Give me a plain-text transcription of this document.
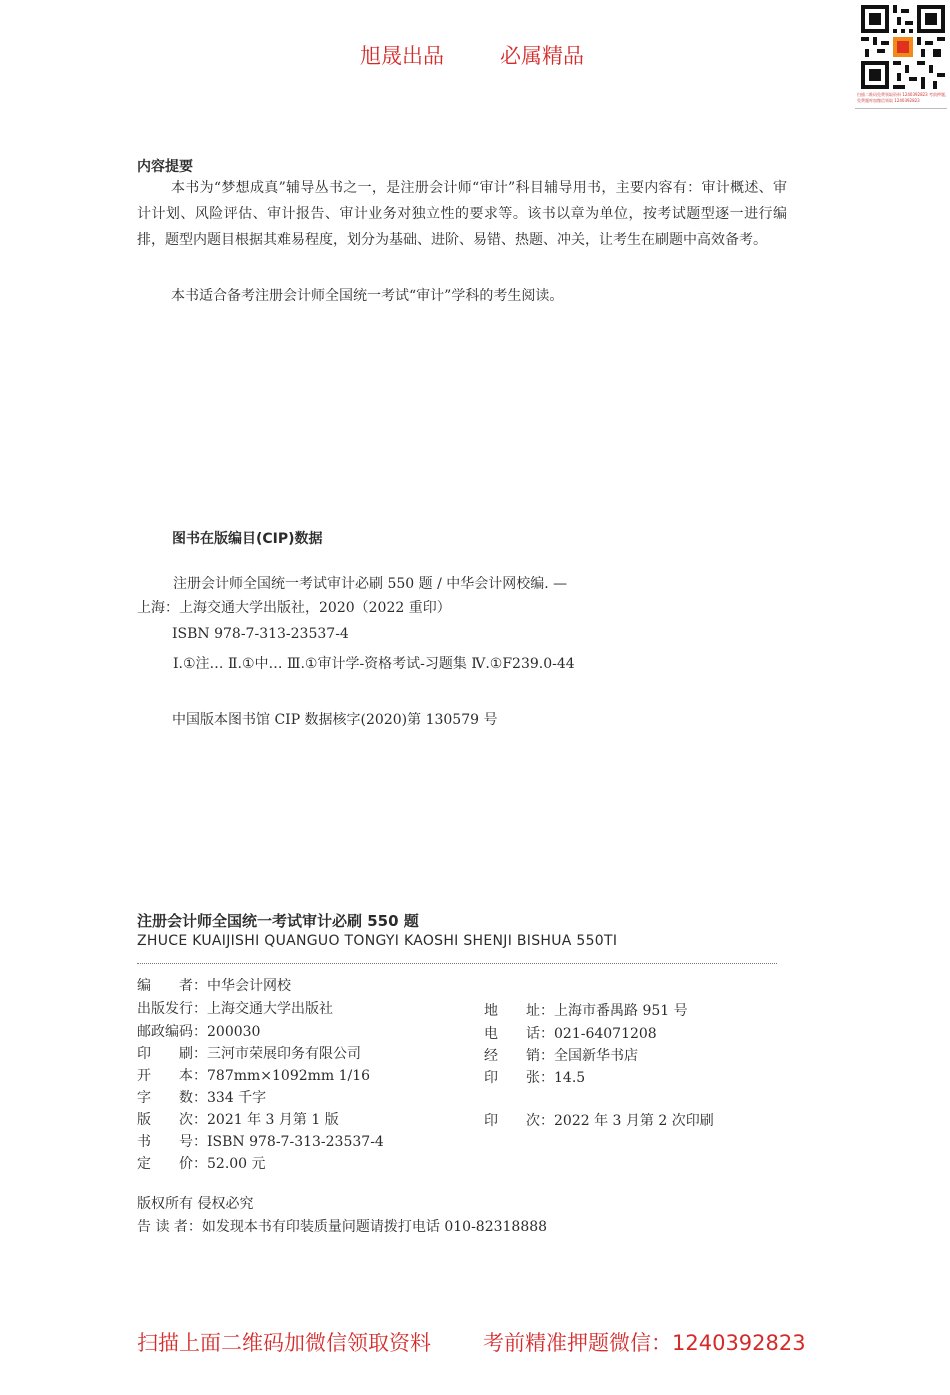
旭晟出品	必属精品
扫描二维码免费领取资料 1240392823 考前押题、免费题库加微信领取 1240392823
内容提要
本书为“梦想成真”辅导丛书之一，是注册会计师“审计”科目辅导用书，主要内容有：审计概述、审计计划、风险评估、审计报告、审计业务对独立性的要求等。该书以章为单位，按考试题型逐一进行编排，题型内题目根据其难易程度，划分为基础、进阶、易错、热题、冲关，让考生在刷题中高效备考。
本书适合备考注册会计师全国统一考试“审计”学科的考生阅读。
图书在版编目(CIP)数据
注册会计师全国统一考试审计必刷 550 题 / 中华会计网校编. —上海：上海交通大学出版社，2020（2022 重印）
ISBN 978-7-313-23537-4
Ⅰ.①注… Ⅱ.①中… Ⅲ.①审计学-资格考试-习题集 Ⅳ.①F239.0-44
中国版本图书馆 CIP 数据核字(2020)第 130579 号
注册会计师全国统一考试审计必刷 550 题
ZHUCE KUAIJISHI QUANGUO TONGYI KAOSHI SHENJI BISHUA 550TI
编　　者：中华会计网校
出版发行：上海交通大学出版社
邮政编码：200030
印　　刷：三河市荣展印务有限公司
开　　本：787mm×1092mm 1/16
字　　数：334 千字
版　　次：2021 年 3 月第 1 版
书　　号：ISBN 978-7-313-23537-4
定　　价：52.00 元
地　　址：上海市番禺路 951 号
电　　话：021-64071208
经　　销：全国新华书店
印　　张：14.5
印　　次：2022 年 3 月第 2 次印刷
版权所有 侵权必究
告 读 者：如发现本书有印装质量问题请拨打电话 010-82318888
扫描上面二维码加微信领取资料 考前精准押题微信：1240392823
